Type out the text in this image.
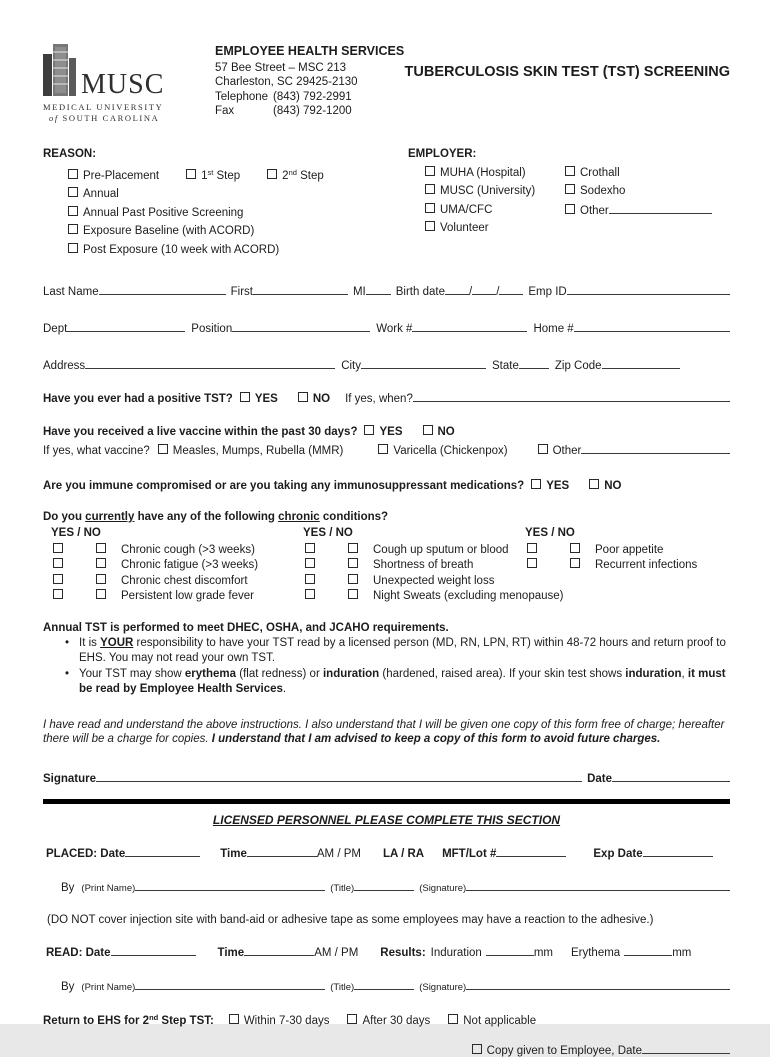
MUSC
MEDICAL UNIVERSITY
of SOUTH CAROLINA
EMPLOYEE HEALTH SERVICES
57 Bee Street – MSC 213
Charleston, SC 29425-2130
Telephone (843) 792-2991
Fax	(843) 792-1200
TUBERCULOSIS SKIN TEST (TST) SCREENING
REASON:
Pre-Placement	1st Step	2nd Step
Annual
Annual Past Positive Screening
Exposure Baseline (with ACORD)
Post Exposure (10 week with ACORD)
EMPLOYER:
MUHA (Hospital)
MUSC (University)
UMA/CFC
Volunteer
Crothall
Sodexho
Other
Last Name	First	MI	Birth date / /	Emp ID
Dept	Position	Work #	Home #
Address	City	State	Zip Code
Have you ever had a positive TST? YES	NO If yes, when?
Have you received a live vaccine within the past 30 days? YES	NO
If yes, what vaccine? Measles, Mumps, Rubella (MMR)	Varicella (Chickenpox)	Other
Are you immune compromised or are you taking any immunosuppressant medications? YES	NO
Do you currently have any of the following chronic conditions?
YES / NO
Chronic cough (>3 weeks)
Chronic fatigue (>3 weeks)
Chronic chest discomfort
Persistent low grade fever
YES / NO
Cough up sputum or blood
Shortness of breath
Unexpected weight loss
Night Sweats (excluding menopause)
YES / NO
Poor appetite
Recurrent infections
Annual TST is performed to meet DHEC, OSHA, and JCAHO requirements.
• It is YOUR responsibility to have your TST read by a licensed person (MD, RN, LPN, RT) within 48-72 hours and return proof to EHS. You may not read your own TST.
• Your TST may show erythema (flat redness) or induration (hardened, raised area). If your skin test shows induration, it must be read by Employee Health Services.
I have read and understand the above instructions. I also understand that I will be given one copy of this form free of charge; hereafter there will be a charge for copies. I understand that I am advised to keep a copy of this form to avoid future charges.
Signature	Date
LICENSED PERSONNEL PLEASE COMPLETE THIS SECTION
PLACED: Date	Time	AM / PM LA / RA MFT/Lot #	Exp Date
By (Print Name)	(Title)	(Signature)
(DO NOT cover injection site with band-aid or adhesive tape as some employees may have a reaction to the adhesive.)
READ: Date	Time	AM / PM Results: Induration	mm Erythema	mm
By (Print Name)	(Title)	(Signature)
Return to EHS for 2nd Step TST:	Within 7-30 days	After 30 days	Not applicable
Copy given to Employee, Date
